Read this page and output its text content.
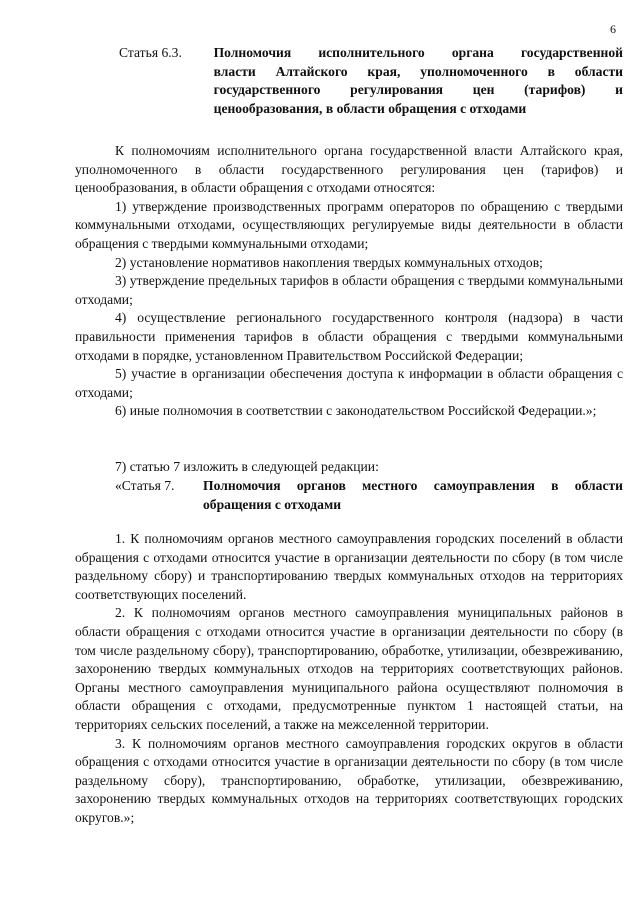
6
Статья 6.3.	Полномочия исполнительного органа государственной
власти Алтайского края, уполномоченного в области
государственного регулирования цен (тарифов) и
ценообразования, в области обращения с отходами

К полномочиям исполнительного органа государственной власти Алтайского края, уполномоченного в области государственного регулирования цен (тарифов) и ценообразования, в области обращения с отходами относятся:

1) утверждение производственных программ операторов по обращению с твердыми коммунальными отходами, осуществляющих регулируемые виды деятельности в области обращения с твердыми коммунальными отходами;

2) установление нормативов накопления твердых коммунальных отходов;

3) утверждение предельных тарифов в области обращения с твердыми коммунальными отходами;

4) осуществление регионального государственного контроля (надзора) в части правильности применения тарифов в области обращения с твердыми коммунальными отходами в порядке, установленном Правительством Российской Федерации;

5) участие в организации обеспечения доступа к информации в области обращения с отходами;

6) иные полномочия в соответствии с законодательством Российской Федерации.»;

7) статью 7 изложить в следующей редакции:

«Статья 7.	Полномочия органов местного самоуправления в области
обращения с отходами

1. К полномочиям органов местного самоуправления городских поселений в области обращения с отходами относится участие в организации деятельности по сбору (в том числе раздельному сбору) и транспортированию твердых коммунальных отходов на территориях соответствующих поселений.

2. К полномочиям органов местного самоуправления муниципальных районов в области обращения с отходами относится участие в организации деятельности по сбору (в том числе раздельному сбору), транспортированию, обработке, утилизации, обезвреживанию, захоронению твердых коммунальных отходов на территориях соответствующих районов. Органы местного самоуправления муниципального района осуществляют полномочия в области обращения с отходами, предусмотренные пунктом 1 настоящей статьи, на территориях сельских поселений, а также на межселенной территории.

3. К полномочиям органов местного самоуправления городских округов в области обращения с отходами относится участие в организации деятельности по сбору (в том числе раздельному сбору), транспортированию, обработке, утилизации, обезвреживанию, захоронению твердых коммунальных отходов на территориях соответствующих городских округов.»;
